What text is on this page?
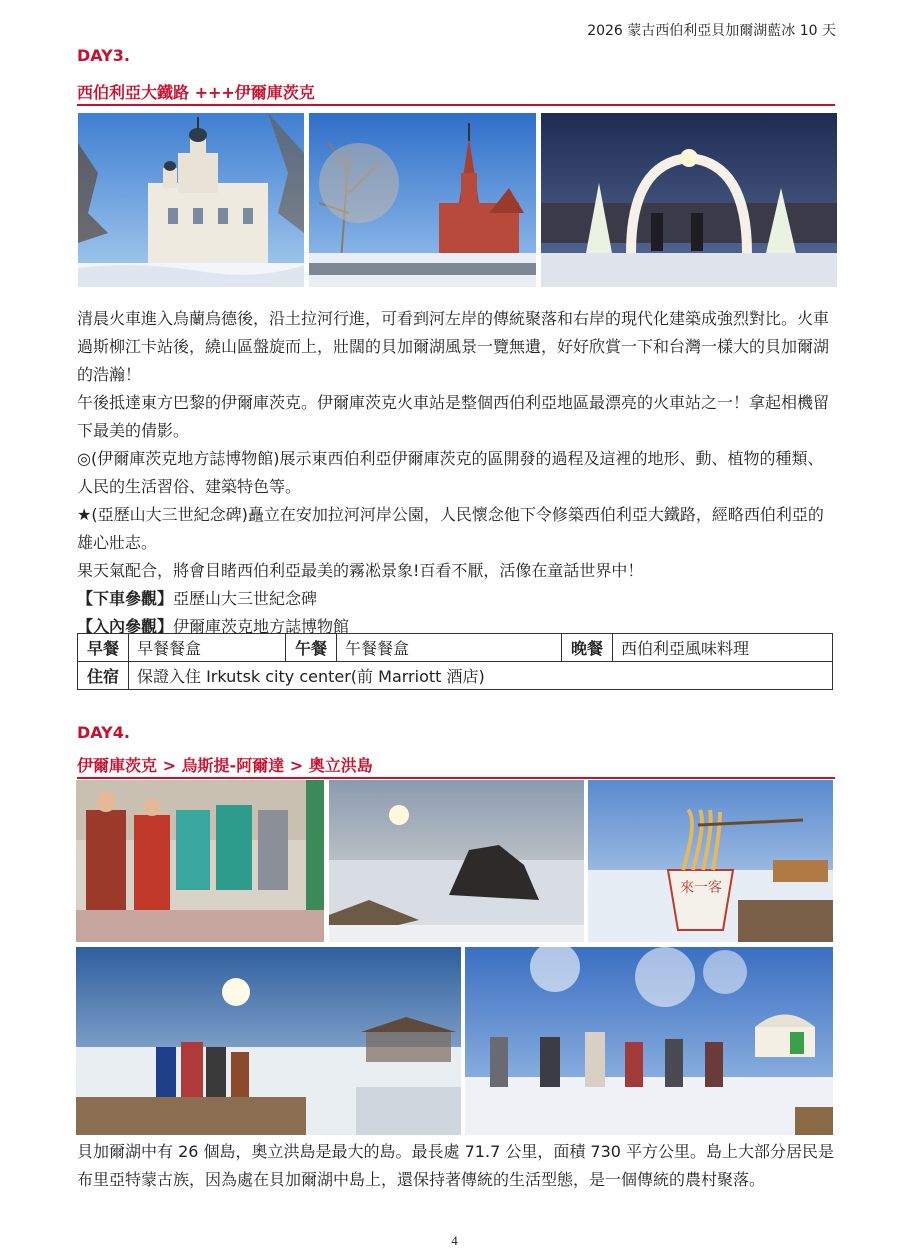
2026 蒙古西伯利亞貝加爾湖藍冰 10 天
DAY3.
西伯利亞大鐵路 +++伊爾庫茨克

清晨火車進入烏蘭烏德後，沿土拉河行進，可看到河左岸的傳統聚落和右岸的現代化建築成強烈對比。火車過斯柳江卡站後，繞山區盤旋而上，壯闊的貝加爾湖風景一覽無遺，好好欣賞一下和台灣一樣大的貝加爾湖的浩瀚！

午後抵達東方巴黎的伊爾庫茨克。伊爾庫茨克火車站是整個西伯利亞地區最漂亮的火車站之一！拿起相機留下最美的倩影。

◎(伊爾庫茨克地方誌博物館)展示東西伯利亞伊爾庫茨克的區開發的過程及這裡的地形、動、植物的種類、人民的生活習俗、建築特色等。

★(亞歷山大三世紀念碑)矗立在安加拉河河岸公園，人民懷念他下令修築西伯利亞大鐵路，經略西伯利亞的雄心壯志。

果天氣配合，將會目睹西伯利亞最美的霧凇景象!百看不厭，活像在童話世界中！

【下車參觀】亞歷山大三世紀念碑

【入內參觀】伊爾庫茨克地方誌博物館

早餐	早餐餐盒	午餐	午餐餐盒	晚餐	西伯利亞風味料理
住宿	保證入住 Irkutsk city center(前 Marriott 酒店)				
DAY4.
伊爾庫茨克 > 烏斯提-阿爾達 > 奧立洪島
來一客

貝加爾湖中有 26 個島，奧立洪島是最大的島。最長處 71.7 公里，面積 730 平方公里。島上大部分居民是布里亞特蒙古族，因為處在貝加爾湖中島上，還保持著傳統的生活型態，是一個傳統的農村聚落。

4
